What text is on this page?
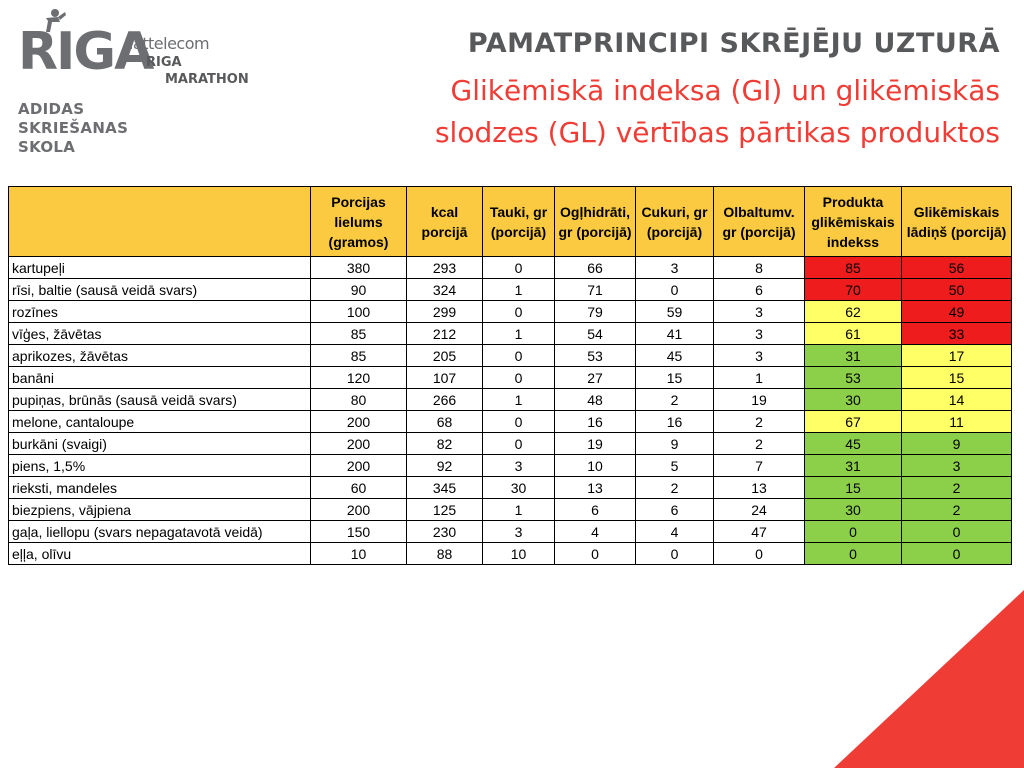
RIGA
lattelecom
RIGA
MARATHON
ADIDAS
SKRIEŠANAS
SKOLA
PAMATPRINCIPI SKRĒJĒJU UZTURĀ
Glikēmiskā indeksa (GI) un glikēmiskās
slodzes (GL) vērtības pārtikas produktos
	Porcijas lielums (gramos)	kcal porcijā	Tauki, gr (porcijā)	Ogļhidrāti, gr (porcijā)	Cukuri, gr (porcijā)	Olbaltumv. gr (porcijā)	Produkta glikēmiskais indekss	Glikēmiskais lādiņš (porcijā)
kartupeļi	380	293	0	66	3	8	85	56
rīsi, baltie (sausā veidā svars)	90	324	1	71	0	6	70	50
rozīnes	100	299	0	79	59	3	62	49
vīģes, žāvētas	85	212	1	54	41	3	61	33
aprikozes, žāvētas	85	205	0	53	45	3	31	17
banāni	120	107	0	27	15	1	53	15
pupiņas, brūnās (sausā veidā svars)	80	266	1	48	2	19	30	14
melone, cantaloupe	200	68	0	16	16	2	67	11
burkāni (svaigi)	200	82	0	19	9	2	45	9
piens, 1,5%	200	92	3	10	5	7	31	3
rieksti, mandeles	60	345	30	13	2	13	15	2
biezpiens, vājpiena	200	125	1	6	6	24	30	2
gaļa, liellopu (svars nepagatavotā veidā)	150	230	3	4	4	47	0	0
eļļa, olīvu	10	88	10	0	0	0	0	0
